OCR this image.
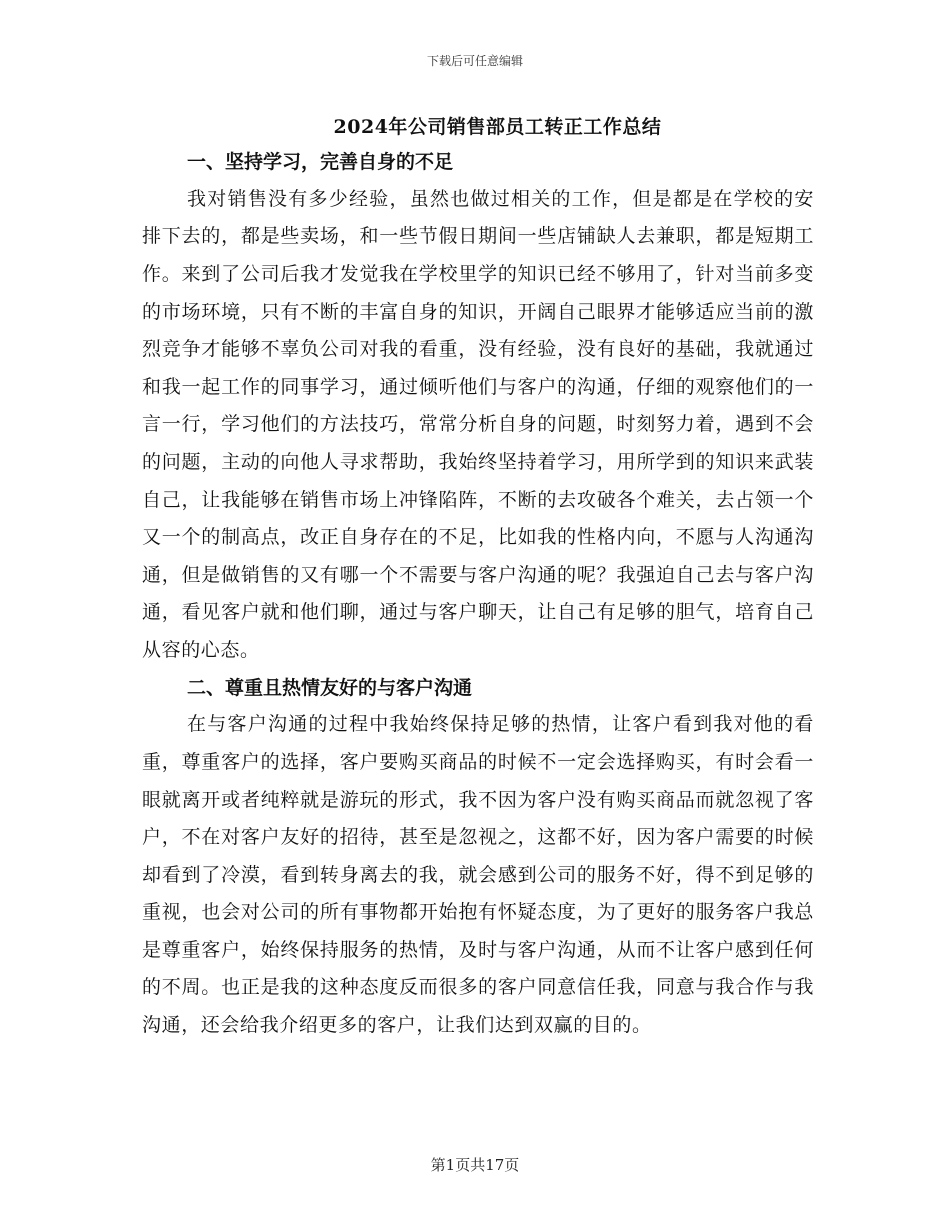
下载后可任意编辑
2024年公司销售部员工转正工作总结

一、坚持学习，完善自身的不足

我对销售没有多少经验，虽然也做过相关的工作，但是都是在学校的安排下去的，都是些卖场，和一些节假日期间一些店铺缺人去兼职，都是短期工作。来到了公司后我才发觉我在学校里学的知识已经不够用了，针对当前多变的市场环境，只有不断的丰富自身的知识，开阔自己眼界才能够适应当前的激烈竞争才能够不辜负公司对我的看重，没有经验，没有良好的基础，我就通过和我一起工作的同事学习，通过倾听他们与客户的沟通，仔细的观察他们的一言一行，学习他们的方法技巧，常常分析自身的问题，时刻努力着，遇到不会的问题，主动的向他人寻求帮助，我始终坚持着学习，用所学到的知识来武装自己，让我能够在销售市场上冲锋陷阵，不断的去攻破各个难关，去占领一个又一个的制高点，改正自身存在的不足，比如我的性格内向，不愿与人沟通沟通，但是做销售的又有哪一个不需要与客户沟通的呢？我强迫自己去与客户沟通，看见客户就和他们聊，通过与客户聊天，让自己有足够的胆气，培育自己从容的心态。

二、尊重且热情友好的与客户沟通

在与客户沟通的过程中我始终保持足够的热情，让客户看到我对他的看重，尊重客户的选择，客户要购买商品的时候不一定会选择购买，有时会看一眼就离开或者纯粹就是游玩的形式，我不因为客户没有购买商品而就忽视了客户，不在对客户友好的招待，甚至是忽视之，这都不好，因为客户需要的时候却看到了冷漠，看到转身离去的我，就会感到公司的服务不好，得不到足够的重视，也会对公司的所有事物都开始抱有怀疑态度，为了更好的服务客户我总是尊重客户，始终保持服务的热情，及时与客户沟通，从而不让客户感到任何的不周。也正是我的这种态度反而很多的客户同意信任我，同意与我合作与我沟通，还会给我介绍更多的客户，让我们达到双赢的目的。

第1页共17页
